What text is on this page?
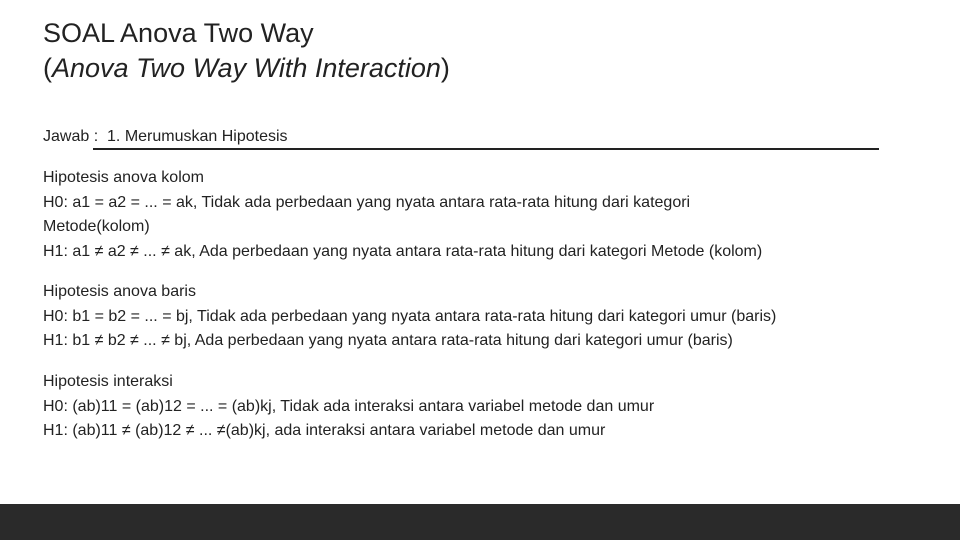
SOAL Anova Two Way
(Anova Two Way With Interaction)
Jawab : 1. Merumuskan Hipotesis
Hipotesis anova kolom
H0: a1 = a2 = ... = ak, Tidak ada perbedaan yang nyata antara rata-rata hitung dari kategori
Metode(kolom)
H1: a1 ≠ a2 ≠ ... ≠ ak, Ada perbedaan yang nyata antara rata-rata hitung dari kategori Metode (kolom)
Hipotesis anova baris
H0: b1 = b2 = ... = bj, Tidak ada perbedaan yang nyata antara rata-rata hitung dari kategori umur (baris)
H1: b1 ≠ b2 ≠ ... ≠ bj, Ada perbedaan yang nyata antara rata-rata hitung dari kategori umur (baris)
Hipotesis interaksi
H0: (ab)11 = (ab)12 = ... = (ab)kj, Tidak ada interaksi antara variabel metode dan umur
H1: (ab)11 ≠ (ab)12 ≠ ... ≠(ab)kj, ada interaksi antara variabel metode dan umur
